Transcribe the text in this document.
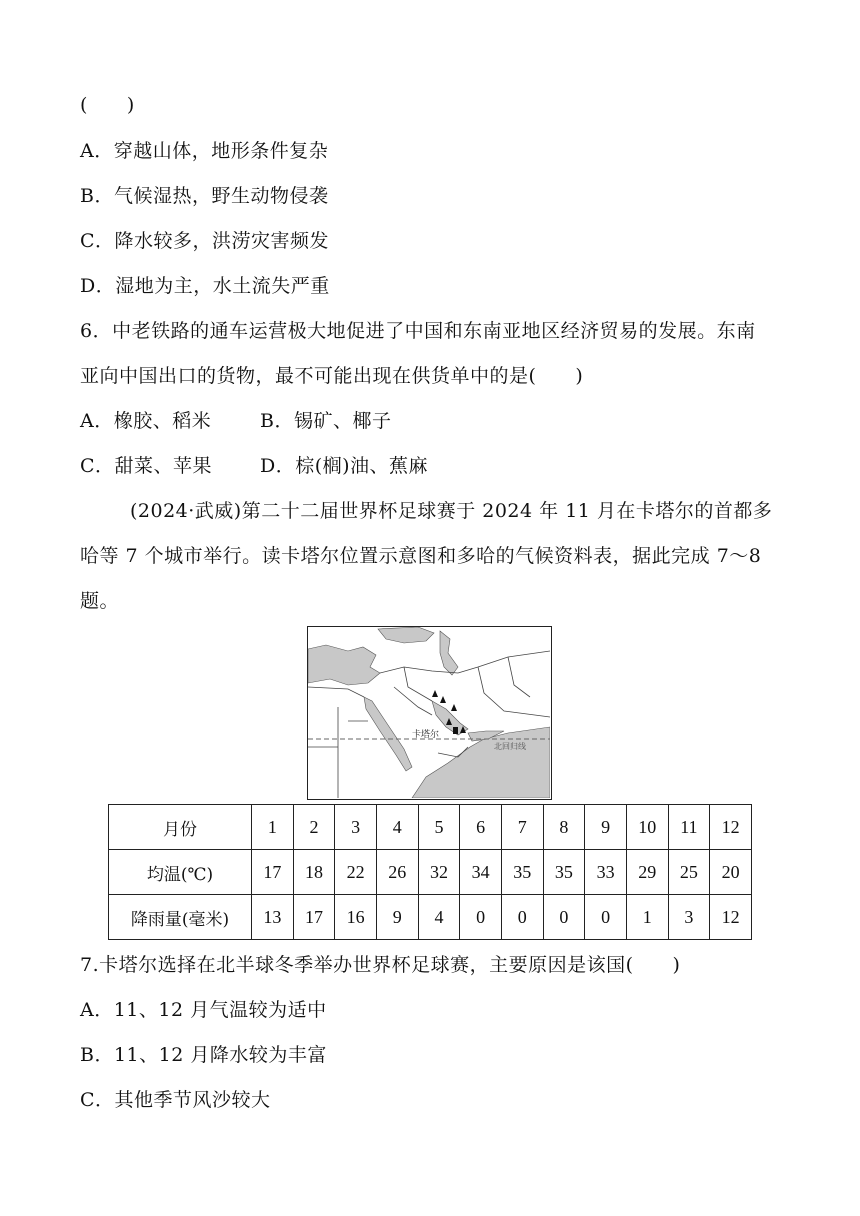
(　　)
A．穿越山体，地形条件复杂
B．气候湿热，野生动物侵袭
C．降水较多，洪涝灾害频发
D．湿地为主，水土流失严重
6．中老铁路的通车运营极大地促进了中国和东南亚地区经济贸易的发展。东南
亚向中国出口的货物，最不可能出现在供货单中的是(　　)
A．橡胶、稻米	B．锡矿、椰子
C．甜菜、苹果	D．棕(榈)油、蕉麻
(2024·武威)第二十二届世界杯足球赛于 2024 年 11 月在卡塔尔的首都多
哈等 7 个城市举行。读卡塔尔位置示意图和多哈的气候资料表，据此完成 7～8
题。
卡塔尔
北回归线
月份	1	2	3	4	5	6	7	8	9	10	11	12
均温(℃)	17	18	22	26	32	34	35	35	33	29	25	20
降雨量(毫米)	13	17	16	9	4	0	0	0	0	1	3	12
7.卡塔尔选择在北半球冬季举办世界杯足球赛，主要原因是该国(　　)
A．11、12 月气温较为适中
B．11、12 月降水较为丰富
C．其他季节风沙较大
